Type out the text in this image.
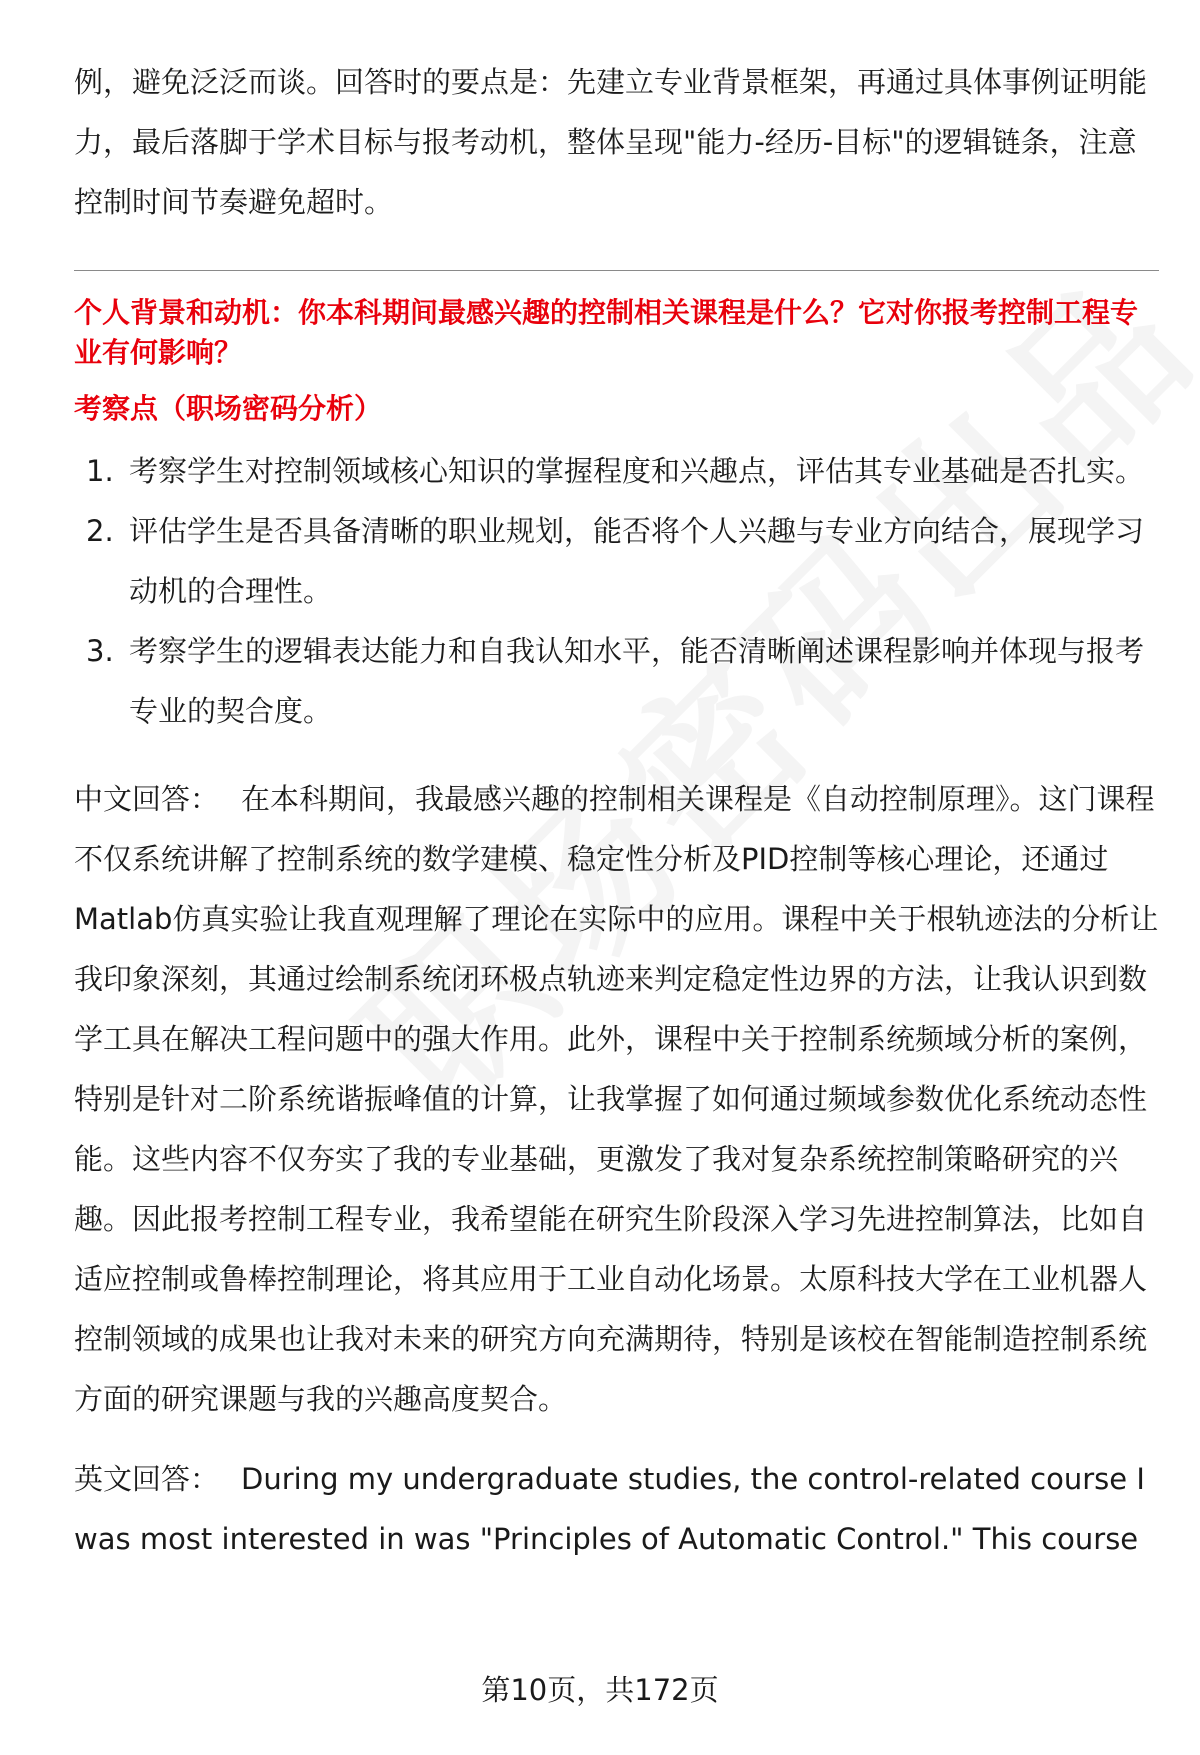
例，避免泛泛而谈。回答时的要点是：先建立专业背景框架，再通过具体事例证明能力，最后落脚于学术目标与报考动机，整体呈现"能力-经历-目标"的逻辑链条，注意控制时间节奏避免超时。

个人背景和动机：你本科期间最感兴趣的控制相关课程是什么？它对你报考控制工程专业有何影响？

考察点（职场密码分析）

1. 考察学生对控制领域核心知识的掌握程度和兴趣点，评估其专业基础是否扎实。
2. 评估学生是否具备清晰的职业规划，能否将个人兴趣与专业方向结合，展现学习动机的合理性。
3. 考察学生的逻辑表达能力和自我认知水平，能否清晰阐述课程影响并体现与报考专业的契合度。

中文回答： 在本科期间，我最感兴趣的控制相关课程是《自动控制原理》。这门课程不仅系统讲解了控制系统的数学建模、稳定性分析及PID控制等核心理论，还通过Matlab仿真实验让我直观理解了理论在实际中的应用。课程中关于根轨迹法的分析让我印象深刻，其通过绘制系统闭环极点轨迹来判定稳定性边界的方法，让我认识到数学工具在解决工程问题中的强大作用。此外，课程中关于控制系统频域分析的案例，特别是针对二阶系统谐振峰值的计算，让我掌握了如何通过频域参数优化系统动态性能。这些内容不仅夯实了我的专业基础，更激发了我对复杂系统控制策略研究的兴趣。因此报考控制工程专业，我希望能在研究生阶段深入学习先进控制算法，比如自适应控制或鲁棒控制理论，将其应用于工业自动化场景。太原科技大学在工业机器人控制领域的成果也让我对未来的研究方向充满期待，特别是该校在智能制造控制系统方面的研究课题与我的兴趣高度契合。

英文回答： During my undergraduate studies, the control-related course I was most interested in was "Principles of Automatic Control." This course

第10页，共172页
